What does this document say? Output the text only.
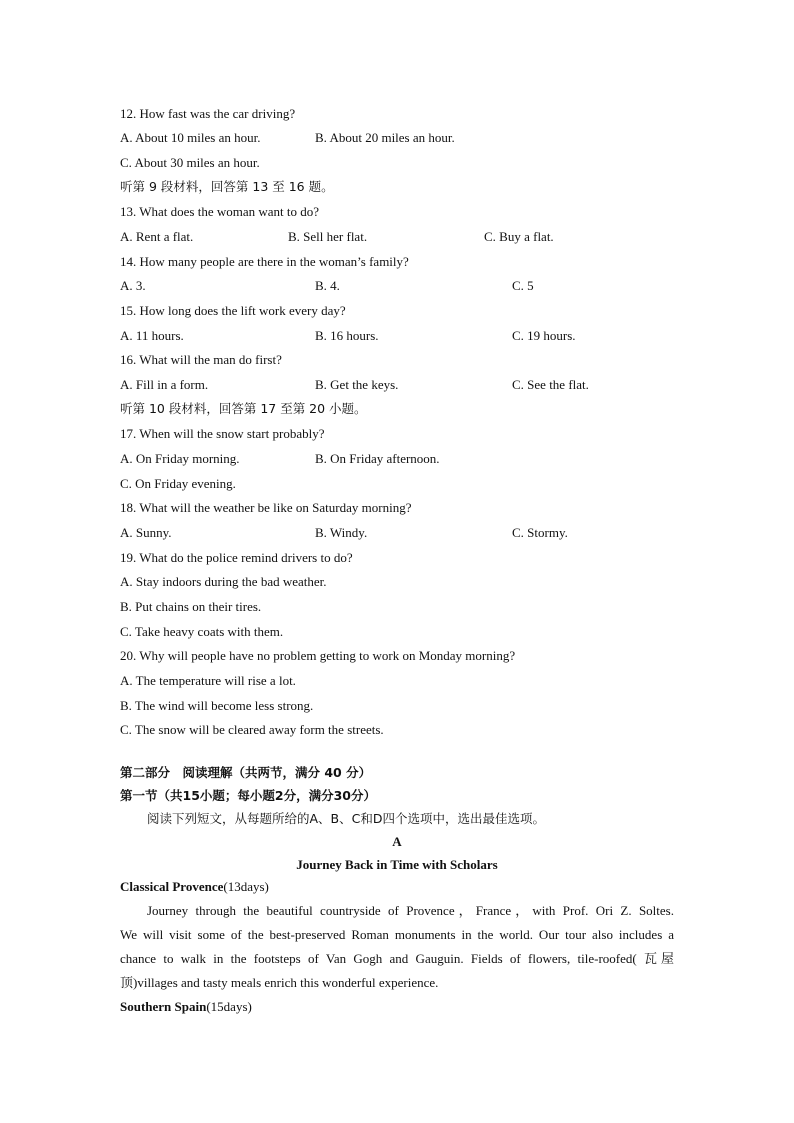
12. How fast was the car driving?
A. About 10 miles an hour.	B. About 20 miles an hour.
C. About 30 miles an hour.
听第 9 段材料，回答第 13 至 16 题。
13. What does the woman want to do?
A. Rent a flat.	B. Sell her flat.	C. Buy a flat.
14. How many people are there in the woman’s family?
A. 3.	B. 4.	C. 5
15. How long does the lift work every day?
A. 11 hours.	B. 16 hours.	C. 19 hours.
16. What will the man do first?
A. Fill in a form.	B. Get the keys.	C. See the flat.
听第 10 段材料，回答第 17 至第 20 小题。
17. When will the snow start probably?
A. On Friday morning.	B. On Friday afternoon.
C. On Friday evening.
18. What will the weather be like on Saturday morning?
A. Sunny.	B. Windy.	C. Stormy.
19. What do the police remind drivers to do?
A. Stay indoors during the bad weather.
B. Put chains on their tires.
C. Take heavy coats with them.
20. Why will people have no problem getting to work on Monday morning?
A. The temperature will rise a lot.
B. The wind will become less strong.
C. The snow will be cleared away form the streets.
第二部分　阅读理解（共两节，满分 40 分）
第一节（共15小题；每小题2分，满分30分）
阅读下列短文，从每题所给的A、B、C和D四个选项中，选出最佳选项。
A
Journey Back in Time with Scholars
Classical Provence(13days)

Journey through the beautiful countryside of Provence，France，with Prof. Ori Z. Soltes.

We will visit some of the best-preserved Roman monuments in the world. Our tour also includes a

chance to walk in the footsteps of Van Gogh and Gauguin. Fields of flowers, tile-roofed( 瓦屋

顶)villages and tasty meals enrich this wonderful experience.

Southern Spain(15days)
